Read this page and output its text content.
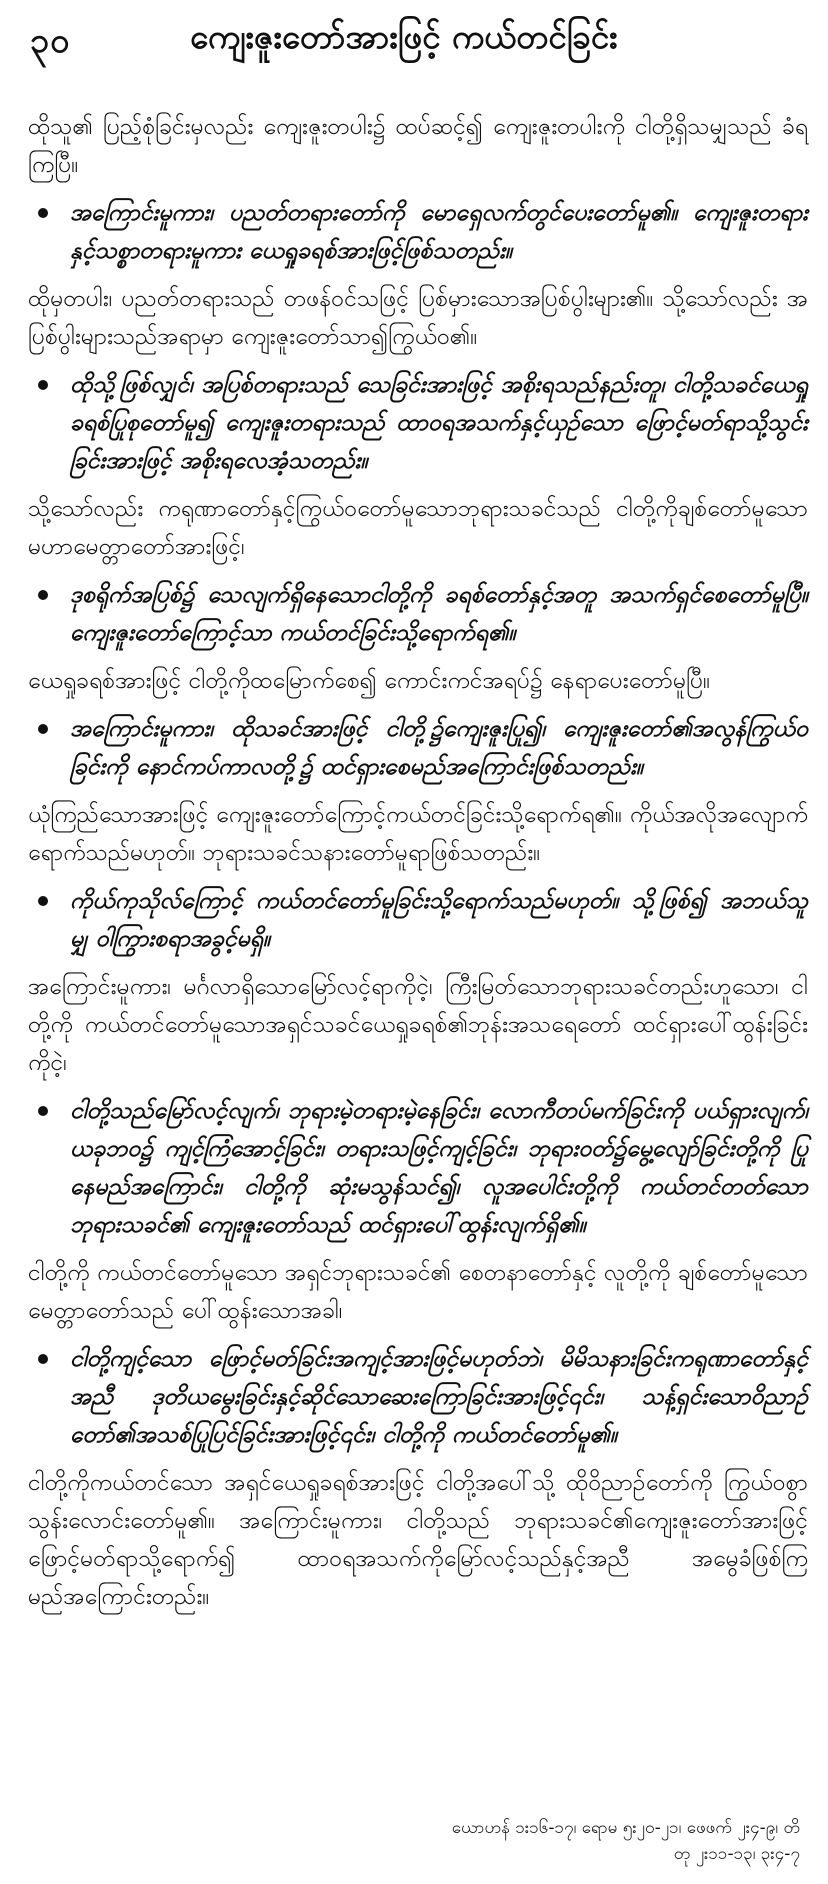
၃၀	ကျေးဇူးတော်အားဖြင့် ကယ်တင်ခြင်း

ထိုသူ၏ ပြည့်စုံခြင်းမှလည်း ကျေးဇူးတပါး၌ ထပ်ဆင့်၍ ကျေးဇူးတပါးကို ငါတို့ရှိသမျှသည် ခံရကြပြီ။

အကြောင်းမူကား၊ ပညတ်တရားတော်ကို မောရှေလက်တွင်ပေးတော်မူ၏။ ကျေးဇူးတရားနှင့်သစ္စာတရားမူကား ယေရှုခရစ်အားဖြင့်ဖြစ်သတည်း။

ထိုမှတပါး၊ ပညတ်တရားသည် တဖန်ဝင်သဖြင့် ပြစ်မှားသောအပြစ်ပွါးများ၏။ သို့သော်လည်း အပြစ်ပွါးများသည်အရာမှာ ကျေးဇူးတော်သာ၍ကြွယ်ဝ၏။

ထိုသို့ဖြစ်လျှင်၊ အပြစ်တရားသည် သေခြင်းအားဖြင့် အစိုးရသည်နည်းတူ၊ ငါတို့သခင်ယေရှုခရစ်ပြုစုတော်မူ၍ ကျေးဇူးတရားသည် ထာဝရအသက်နှင့်ယှဉ်သော ဖြောင့်မတ်ရာသို့သွင်းခြင်းအားဖြင့် အစိုးရလေအံ့သတည်း။

သို့သော်လည်း ကရုဏာတော်နှင့်ကြွယ်ဝတော်မူသောဘုရားသခင်သည် ငါတို့ကိုချစ်တော်မူသော မဟာမေတ္တာတော်အားဖြင့်၊

ဒုစရိုက်အပြစ်၌ သေလျက်ရှိနေသောငါတို့ကို ခရစ်တော်နှင့်အတူ အသက်ရှင်စေတော်မူပြီ။ ကျေးဇူးတော်ကြောင့်သာ ကယ်တင်ခြင်းသို့ရောက်ရ၏။

ယေရှုခရစ်အားဖြင့် ငါတို့ကိုထမြောက်စေ၍ ကောင်းကင်အရပ်၌ နေရာပေးတော်မူပြီ။

အကြောင်းမူကား၊ ထိုသခင်အားဖြင့် ငါတို့၌ကျေးဇူးပြု၍၊ ကျေးဇူးတော်၏အလွန်ကြွယ်ဝခြင်းကို နောင်ကပ်ကာလတို့၌ ထင်ရှားစေမည်အကြောင်းဖြစ်သတည်း။

ယုံကြည်သောအားဖြင့် ကျေးဇူးတော်ကြောင့်ကယ်တင်ခြင်းသို့ရောက်ရ၏။ ကိုယ်အလိုအလျောက်ရောက်သည်မဟုတ်။ ဘုရားသခင်သနားတော်မူရာဖြစ်သတည်း။

ကိုယ်ကုသိုလ်ကြောင့် ကယ်တင်တော်မူခြင်းသို့ရောက်သည်မဟုတ်။ သို့ဖြစ်၍ အဘယ်သူမျှ ဝါကြွားစရာအခွင့်မရှိ။

အကြောင်းမူကား၊ မင်္ဂလာရှိသောမြော်လင့်ရာကိုငဲ့၊ ကြီးမြတ်သောဘုရားသခင်တည်းဟူသော၊ ငါတို့ကို ကယ်တင်တော်မူသောအရှင်သခင်ယေရှုခရစ်၏ဘုန်းအသရေတော် ထင်ရှားပေါ်ထွန်းခြင်းကိုငဲ့၊

ငါတို့သည်မြော်လင့်လျက်၊ ဘုရားမဲ့တရားမဲ့နေခြင်း၊ လောကီတပ်မက်ခြင်းကို ပယ်ရှားလျက်၊ ယခုဘဝ၌ ကျင့်ကြံအောင့်ခြင်း၊ တရားသဖြင့်ကျင့်ခြင်း၊ ဘုရားဝတ်၌မွေ့လျော်ခြင်းတို့ကို ပြုနေမည်အကြောင်း၊ ငါတို့ကို ဆုံးမသွန်သင်၍၊ လူအပေါင်းတို့ကို ကယ်တင်တတ်သော ဘုရားသခင်၏ ကျေးဇူးတော်သည် ထင်ရှားပေါ်ထွန်းလျက်ရှိ၏။

ငါတို့ကို ကယ်တင်တော်မူသော အရှင်ဘုရားသခင်၏ စေတနာတော်နှင့် လူတို့ကို ချစ်တော်မူသောမေတ္တာတော်သည် ပေါ်ထွန်းသောအခါ၊

ငါတို့ကျင့်သော ဖြောင့်မတ်ခြင်းအကျင့်အားဖြင့်မဟုတ်ဘဲ၊ မိမိသနားခြင်းကရုဏာတော်နှင့်အညီ ဒုတိယမွေးခြင်းနှင့်ဆိုင်သောဆေးကြောခြင်းအားဖြင့်၎င်း၊ သန့်ရှင်းသောဝိညာဉ်တော်၏အသစ်ပြုပြင်ခြင်းအားဖြင့်၎င်း၊ ငါတို့ကို ကယ်တင်တော်မူ၏။

ငါတို့ကိုကယ်တင်သော အရှင်ယေရှုခရစ်အားဖြင့် ငါတို့အပေါ်သို့ ထိုဝိညာဉ်တော်ကို ကြွယ်ဝစွာ သွန်းလောင်းတော်မူ၏။ အကြောင်းမူကား၊ ငါတို့သည် ဘုရားသခင်၏ကျေးဇူးတော်အားဖြင့်ဖြောင့်မတ်ရာသို့ရောက်၍ ထာဝရအသက်ကိုမြော်လင့်သည်နှင့်အညီ အမွေခံဖြစ်ကြမည်အကြောင်းတည်း။

ယောဟန် ၁း၁၆-၁၇၊ ရောမ ၅း၂၀-၂၁၊ ဖေဖက် ၂း၄-၉၊ တိ
တု ၂း၁၁-၁၃၊ ၃း၄-၇
